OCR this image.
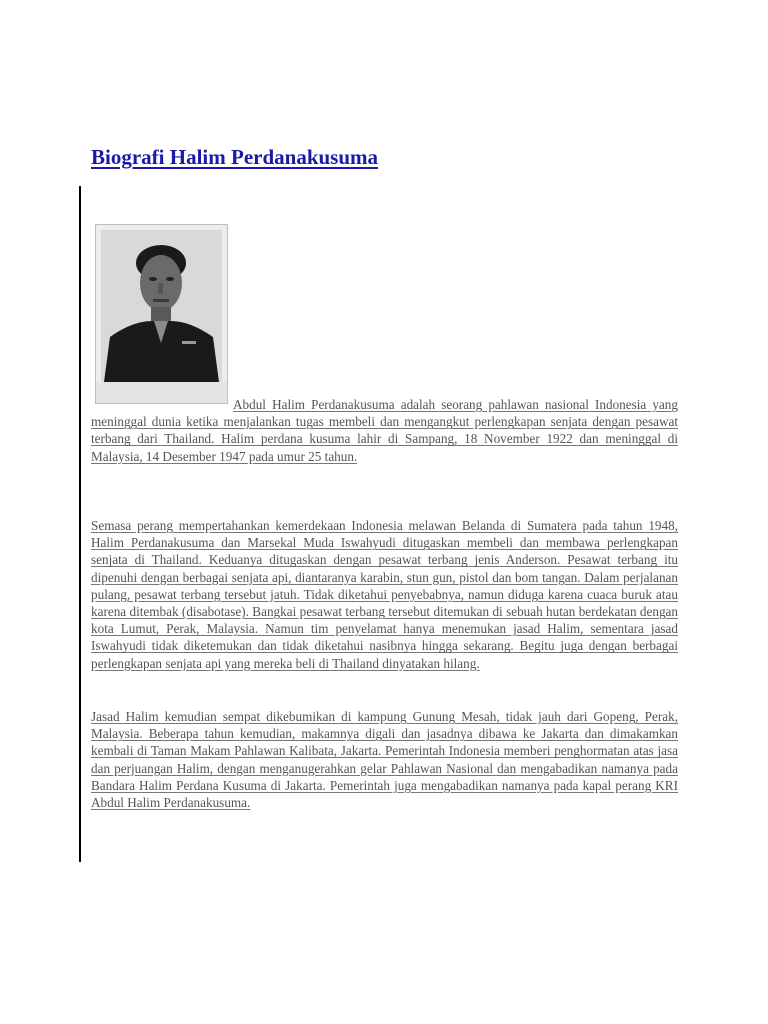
Biografi Halim Perdanakusuma

Abdul Halim Perdanakusuma adalah seorang pahlawan nasional Indonesia yang meninggal dunia ketika menjalankan tugas membeli dan mengangkut perlengkapan senjata dengan pesawat terbang dari Thailand. Halim perdana kusuma lahir di Sampang, 18 November 1922 dan meninggal di Malaysia, 14 Desember 1947 pada umur 25 tahun.

Semasa perang mempertahankan kemerdekaan Indonesia melawan Belanda di Sumatera pada tahun 1948, Halim Perdanakusuma dan Marsekal Muda Iswahyudi ditugaskan membeli dan membawa perlengkapan senjata di Thailand. Keduanya ditugaskan dengan pesawat terbang jenis Anderson. Pesawat terbang itu dipenuhi dengan berbagai senjata api, diantaranya karabin, stun gun, pistol dan bom tangan. Dalam perjalanan pulang, pesawat terbang tersebut jatuh. Tidak diketahui penyebabnya, namun diduga karena cuaca buruk atau karena ditembak (disabotase). Bangkai pesawat terbang tersebut ditemukan di sebuah hutan berdekatan dengan kota Lumut, Perak, Malaysia. Namun tim penyelamat hanya menemukan jasad Halim, sementara jasad Iswahyudi tidak diketemukan dan tidak diketahui nasibnya hingga sekarang. Begitu juga dengan berbagai perlengkapan senjata api yang mereka beli di Thailand dinyatakan hilang.

Jasad Halim kemudian sempat dikebumikan di kampung Gunung Mesah, tidak jauh dari Gopeng, Perak, Malaysia. Beberapa tahun kemudian, makamnya digali dan jasadnya dibawa ke Jakarta dan dimakamkan kembali di Taman Makam Pahlawan Kalibata, Jakarta. Pemerintah Indonesia memberi penghormatan atas jasa dan perjuangan Halim, dengan menganugerahkan gelar Pahlawan Nasional dan mengabadikan namanya pada Bandara Halim Perdana Kusuma di Jakarta. Pemerintah juga mengabadikan namanya pada kapal perang KRI Abdul Halim Perdanakusuma.
